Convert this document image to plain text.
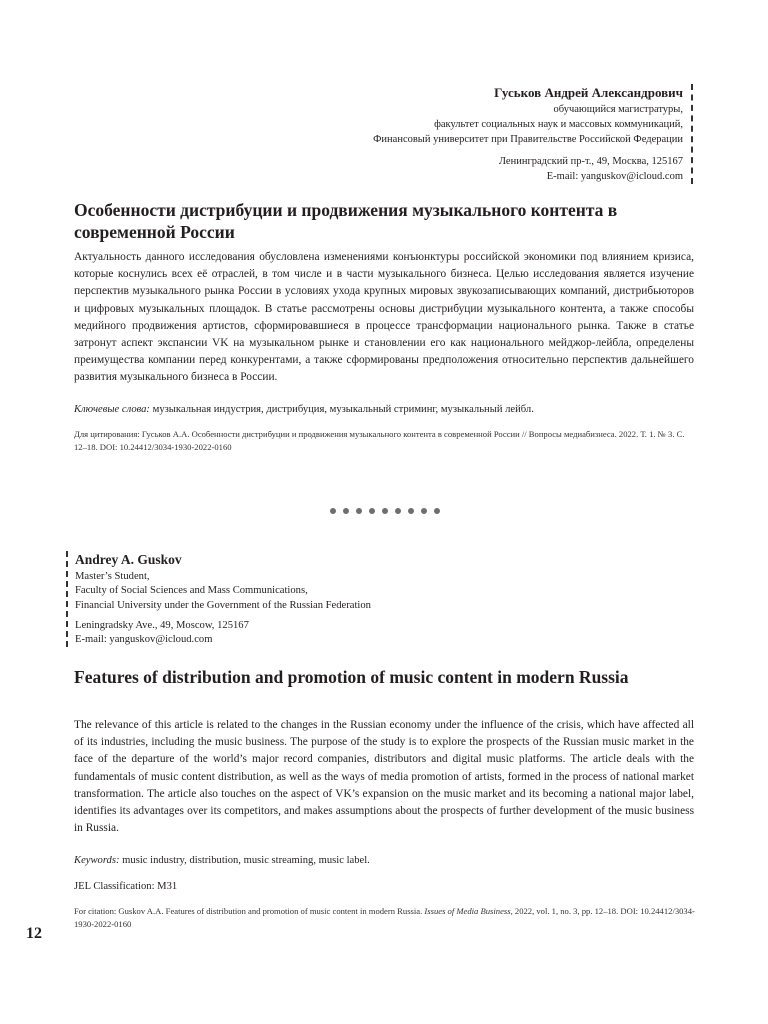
Гуськов Андрей Александрович
обучающийся магистратуры,
факультет социальных наук и массовых коммуникаций,
Финансовый университет при Правительстве Российской Федерации
Ленинградский пр-т., 49, Москва, 125167
E-mail: yanguskov@icloud.com
Особенности дистрибуции и продвижения музыкального контента в современной России

Актуальность данного исследования обусловлена изменениями конъюнктуры российской экономики под влиянием кризиса, которые коснулись всех её отраслей, в том числе и в части музыкального бизнеса. Целью исследования является изучение перспектив музыкального рынка России в условиях ухода крупных мировых звукозаписывающих компаний, дистрибьюторов и цифровых музыкальных площадок. В статье рассмотрены основы дистрибуции музыкального контента, а также способы медийного продвижения артистов, сформировавшиеся в процессе трансформации национального рынка. Также в статье затронут аспект экспансии VK на музыкальном рынке и становлении его как национального мейджор-лейбла, определены преимущества компании перед конкурентами, а также сформированы предположения относительно перспектив дальнейшего развития музыкального бизнеса в России.

Ключевые слова: музыкальная индустрия, дистрибуция, музыкальный стриминг, музыкальный лейбл.
Для цитирования: Гуськов А.А. Особенности дистрибуции и продвижения музыкального контента в современной России // Вопросы медиабизнеса. 2022. Т. 1. № 3. С. 12–18. DOI: 10.24412/3034-1930-2022-0160
Andrey A. Guskov
Master’s Student,
Faculty of Social Sciences and Mass Communications,
Financial University under the Government of the Russian Federation
Leningradsky Ave., 49, Moscow, 125167
E-mail: yanguskov@icloud.com
Features of distribution and promotion of music content in modern Russia

The relevance of this article is related to the changes in the Russian economy under the influence of the crisis, which have affected all of its industries, including the music business. The purpose of the study is to explore the prospects of the Russian music market in the face of the departure of the world’s major record companies, distributors and digital music platforms. The article deals with the fundamentals of music content distribution, as well as the ways of media promotion of artists, formed in the process of national market transformation. The article also touches on the aspect of VK’s expansion on the music market and its becoming a national major label, identifies its advantages over its competitors, and makes assumptions about the prospects of further development of the music business in Russia.

Keywords: music industry, distribution, music streaming, music label.
JEL Classification: M31
For citation: Guskov A.A. Features of distribution and promotion of music content in modern Russia. Issues of Media Business, 2022, vol. 1, no. 3, pp. 12–18. DOI: 10.24412/3034-1930-2022-0160
12
